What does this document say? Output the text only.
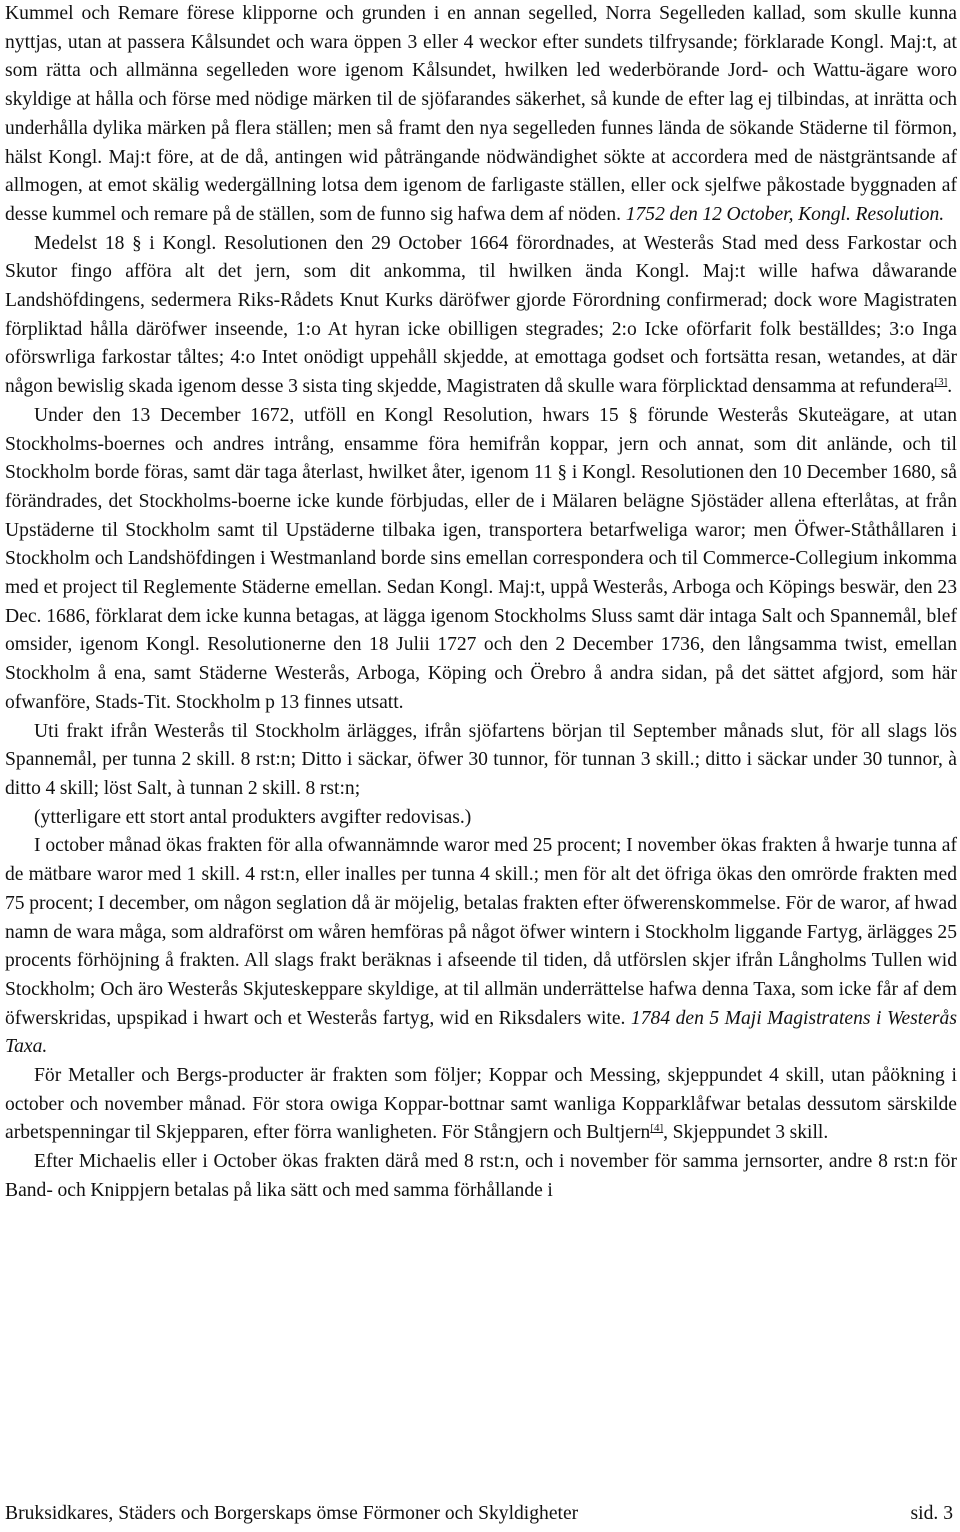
Kummel och Remare förese klipporne och grunden i en annan segelled, Norra Segelleden kallad, som skulle kunna nyttjas, utan at passera Kålsundet och wara öppen 3 eller 4 weckor efter sundets tilfrysande; förklarade Kongl. Maj:t, at som rätta och allmänna segelleden wore igenom Kålsundet, hwilken led wederbörande Jord- och Wattu-ägare woro skyldige at hålla och förse med nödige märken til de sjöfarandes säkerhet, så kunde de efter lag ej tilbindas, at inrätta och underhålla dylika märken på flera ställen; men så framt den nya segelleden funnes lända de sökande Städerne til förmon, hälst Kongl. Maj:t före, at de då, antingen wid påträngande nödwändighet sökte at accordera med de nästgräntsande af allmogen, at emot skälig wedergällning lotsa dem igenom de farligaste ställen, eller ock sjelfwe påkostade byggnaden af desse kummel och remare på de ställen, som de funno sig hafwa dem af nöden. 1752 den 12 October, Kongl. Resolution.

Medelst 18 § i Kongl. Resolutionen den 29 October 1664 förordnades, at Westerås Stad med dess Farkostar och Skutor fingo afföra alt det jern, som dit ankomma, til hwilken ända Kongl. Maj:t wille hafwa dåwarande Landshöfdingens, sedermera Riks-Rådets Knut Kurks däröfwer gjorde Förordning confirmerad; dock wore Magistraten förpliktad hålla däröfwer inseende, 1:o At hyran icke obilligen stegrades; 2:o Icke oförfarit folk beställdes; 3:o Inga oförswrliga farkostar tåltes; 4:o Intet onödigt uppehåll skjedde, at emottaga godset och fortsätta resan, wetandes, at där någon bewislig skada igenom desse 3 sista ting skjedde, Magistraten då skulle wara förplicktad densamma at refundera[3].

Under den 13 December 1672, utföll en Kongl Resolution, hwars 15 § förunde Westerås Skuteägare, at utan Stockholms-boernes och andres intrång, ensamme föra hemifrån koppar, jern och annat, som dit anlände, och til Stockholm borde föras, samt där taga återlast, hwilket åter, igenom 11 § i Kongl. Resolutionen den 10 December 1680, så förändrades, det Stockholms-boerne icke kunde förbjudas, eller de i Mälaren belägne Sjöstäder allena efterlåtas, at från Upstäderne til Stockholm samt til Upstäderne tilbaka igen, transportera betarfweliga waror; men Öfwer-Ståthållaren i Stockholm och Landshöfdingen i Westmanland borde sins emellan correspondera och til Commerce-Collegium inkomma med et project til Reglemente Städerne emellan. Sedan Kongl. Maj:t, uppå Westerås, Arboga och Köpings beswär, den 23 Dec. 1686, förklarat dem icke kunna betagas, at lägga igenom Stockholms Sluss samt där intaga Salt och Spannemål, blef omsider, igenom Kongl. Resolutionerne den 18 Julii 1727 och den 2 December 1736, den långsamma twist, emellan Stockholm å ena, samt Städerne Westerås, Arboga, Köping och Örebro å andra sidan, på det sättet afgjord, som här ofwanföre, Stads-Tit. Stockholm p 13 finnes utsatt.

Uti frakt ifrån Westerås til Stockholm ärlägges, ifrån sjöfartens början til September månads slut, för all slags lös Spannemål, per tunna 2 skill. 8 rst:n; Ditto i säckar, öfwer 30 tunnor, för tunnan 3 skill.; ditto i säckar under 30 tunnor, à ditto 4 skill; löst Salt, à tunnan 2 skill. 8 rst:n;

(ytterligare ett stort antal produkters avgifter redovisas.)

I october månad ökas frakten för alla ofwannämnde waror med 25 procent; I november ökas frakten å hwarje tunna af de mätbare waror med 1 skill. 4 rst:n, eller inalles per tunna 4 skill.; men för alt det öfriga ökas den omrörde frakten med 75 procent; I december, om någon seglation då är möjelig, betalas frakten efter öfwerenskommelse. För de waror, af hwad namn de wara måga, som aldraförst om wåren hemföras på något öfwer wintern i Stockholm liggande Fartyg, ärlägges 25 procents förhöjning å frakten. All slags frakt beräknas i afseende til tiden, då utförslen skjer ifrån Långholms Tullen wid Stockholm; Och äro Westerås Skjuteskeppare skyldige, at til allmän underrättelse hafwa denna Taxa, som icke får af dem öfwerskridas, upspikad i hwart och et Westerås fartyg, wid en Riksdalers wite. 1784 den 5 Maji Magistratens i Westerås Taxa.

För Metaller och Bergs-producter är frakten som följer; Koppar och Messing, skjeppundet 4 skill, utan påökning i october och november månad. För stora owiga Koppar-bottnar samt wanliga Kopparklåfwar betalas dessutom särskilde arbetspenningar til Skjepparen, efter förra wanligheten. För Stångjern och Bultjern[4], Skjeppundet 3 skill.

Efter Michaelis eller i October ökas frakten därå med 8 rst:n, och i november för samma jernsorter, andre 8 rst:n för Band- och Knippjern betalas på lika sätt och med samma förhållande i

Bruksidkares, Städers och Borgerskaps ömse Förmoner och Skyldigheter	sid. 3
